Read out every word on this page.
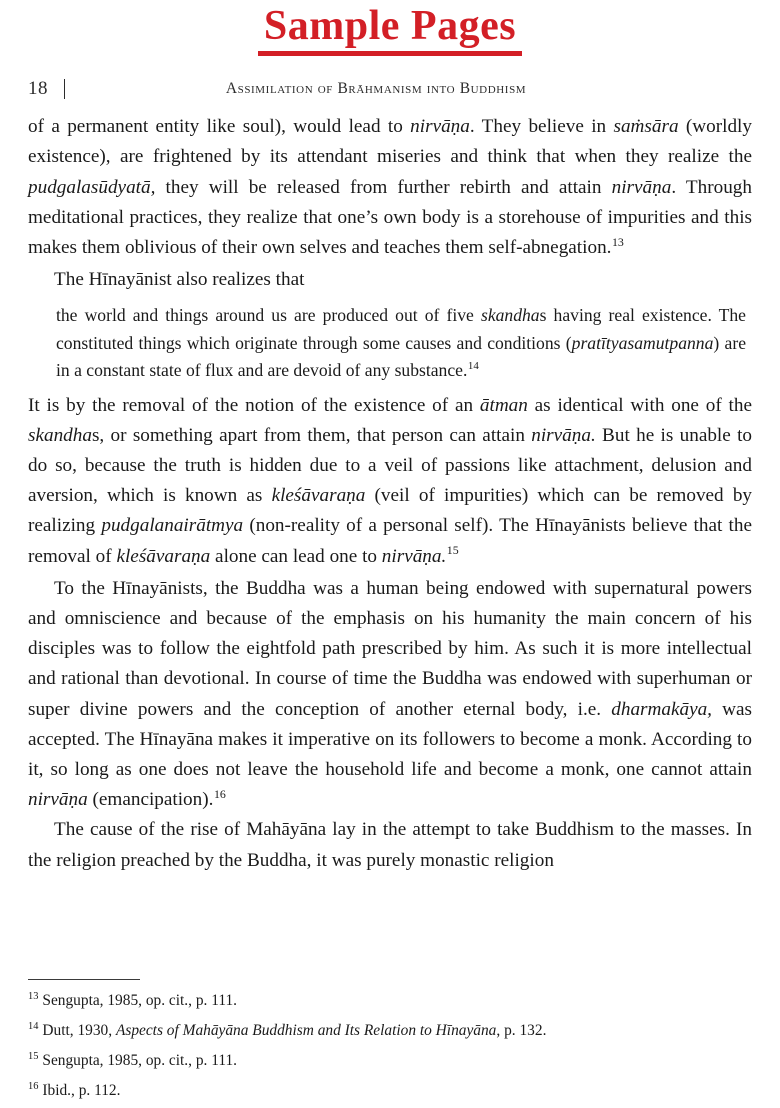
Sample Pages
18	Assimilation of Brāhmanism into Buddhism

of a permanent entity like soul), would lead to nirvāṇa. They believe in saṁsāra (worldly existence), are frightened by its attendant miseries and think that when they realize the pudgalasūdyatā, they will be released from further rebirth and attain nirvāṇa. Through meditational practices, they realize that one’s own body is a storehouse of impurities and this makes them oblivious of their own selves and teaches them self-abnegation.$^{13}$

The Hīnayānist also realizes that

the world and things around us are produced out of five skandhas having real existence. The constituted things which originate through some causes and conditions (pratītyasamutpanna) are in a constant state of flux and are devoid of any substance.$^{14}$

It is by the removal of the notion of the existence of an ātman as identical with one of the skandhas, or something apart from them, that person can attain nirvāṇa. But he is unable to do so, because the truth is hidden due to a veil of passions like attachment, delusion and aversion, which is known as kleśāvaraṇa (veil of impurities) which can be removed by realizing pudgalanairātmya (non-reality of a personal self). The Hīnayānists believe that the removal of kleśāvaraṇa alone can lead one to nirvāṇa.$^{15}$

To the Hīnayānists, the Buddha was a human being endowed with supernatural powers and omniscience and because of the emphasis on his humanity the main concern of his disciples was to follow the eightfold path prescribed by him. As such it is more intellectual and rational than devotional. In course of time the Buddha was endowed with superhuman or super divine powers and the conception of another eternal body, i.e. dharmakāya, was accepted. The Hīnayāna makes it imperative on its followers to become a monk. According to it, so long as one does not leave the household life and become a monk, one cannot attain nirvāṇa (emancipation).$^{16}$

The cause of the rise of Mahāyāna lay in the attempt to take Buddhism to the masses. In the religion preached by the Buddha, it was purely monastic religion

$^{13}$ Sengupta, 1985, op. cit., p. 111.
$^{14}$ Dutt, 1930, Aspects of Mahāyāna Buddhism and Its Relation to Hīnayāna, p. 132.
$^{15}$ Sengupta, 1985, op. cit., p. 111.
$^{16}$ Ibid., p. 112.
